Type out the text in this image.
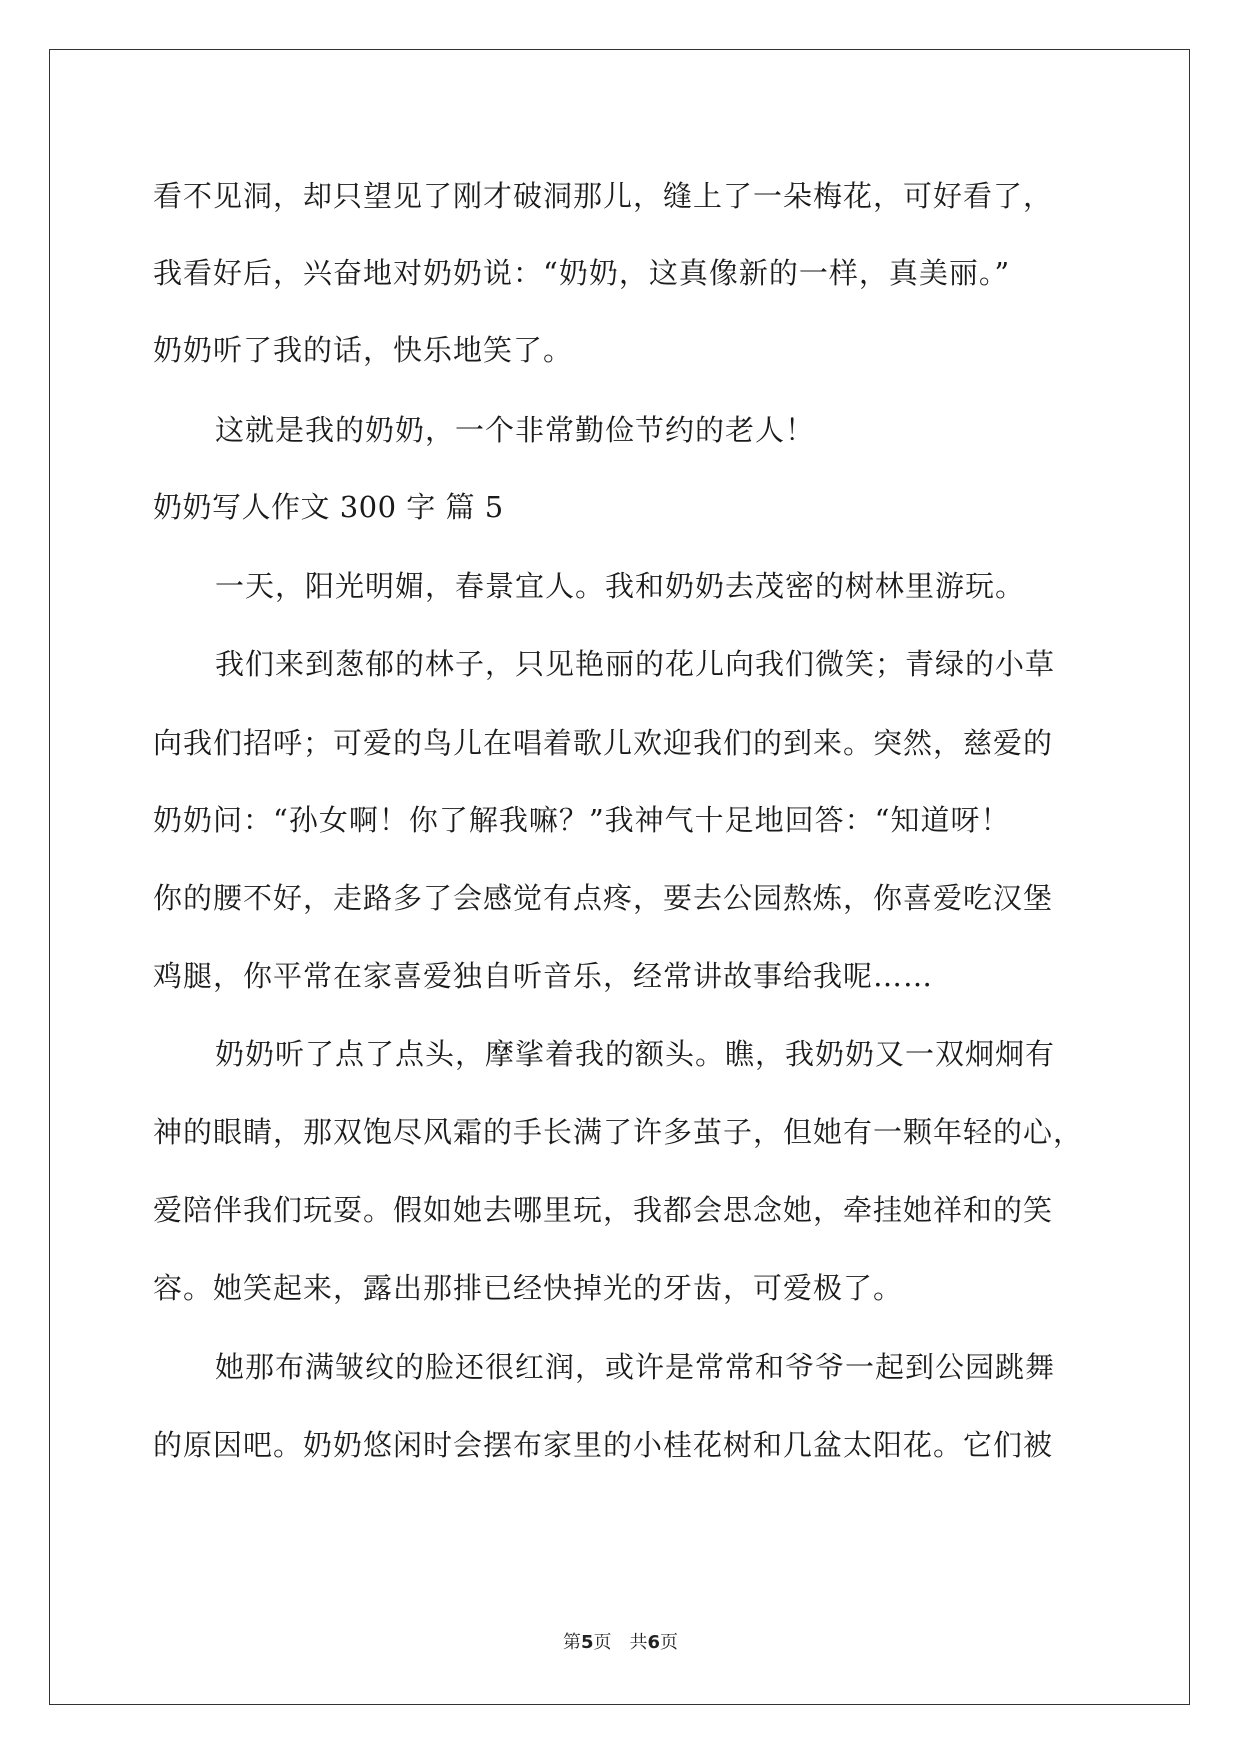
看不见洞，却只望见了刚才破洞那儿，缝上了一朵梅花，可好看了，
我看好后，兴奋地对奶奶说：“奶奶，这真像新的一样，真美丽。”
奶奶听了我的话，快乐地笑了。
这就是我的奶奶，一个非常勤俭节约的老人！
奶奶写人作文 300 字 篇 5
一天，阳光明媚，春景宜人。我和奶奶去茂密的树林里游玩。
我们来到葱郁的林子，只见艳丽的花儿向我们微笑；青绿的小草
向我们招呼；可爱的鸟儿在唱着歌儿欢迎我们的到来。突然，慈爱的
奶奶问：“孙女啊！你了解我嘛？”我神气十足地回答：“知道呀！
你的腰不好，走路多了会感觉有点疼，要去公园熬炼，你喜爱吃汉堡
鸡腿，你平常在家喜爱独自听音乐，经常讲故事给我呢……
奶奶听了点了点头，摩挲着我的额头。瞧，我奶奶又一双炯炯有
神的眼睛，那双饱尽风霜的手长满了许多茧子，但她有一颗年轻的心，
爱陪伴我们玩耍。假如她去哪里玩，我都会思念她，牵挂她祥和的笑
容。她笑起来，露出那排已经快掉光的牙齿，可爱极了。
她那布满皱纹的脸还很红润，或许是常常和爷爷一起到公园跳舞
的原因吧。奶奶悠闲时会摆布家里的小桂花树和几盆太阳花。它们被
第5页 共6页
